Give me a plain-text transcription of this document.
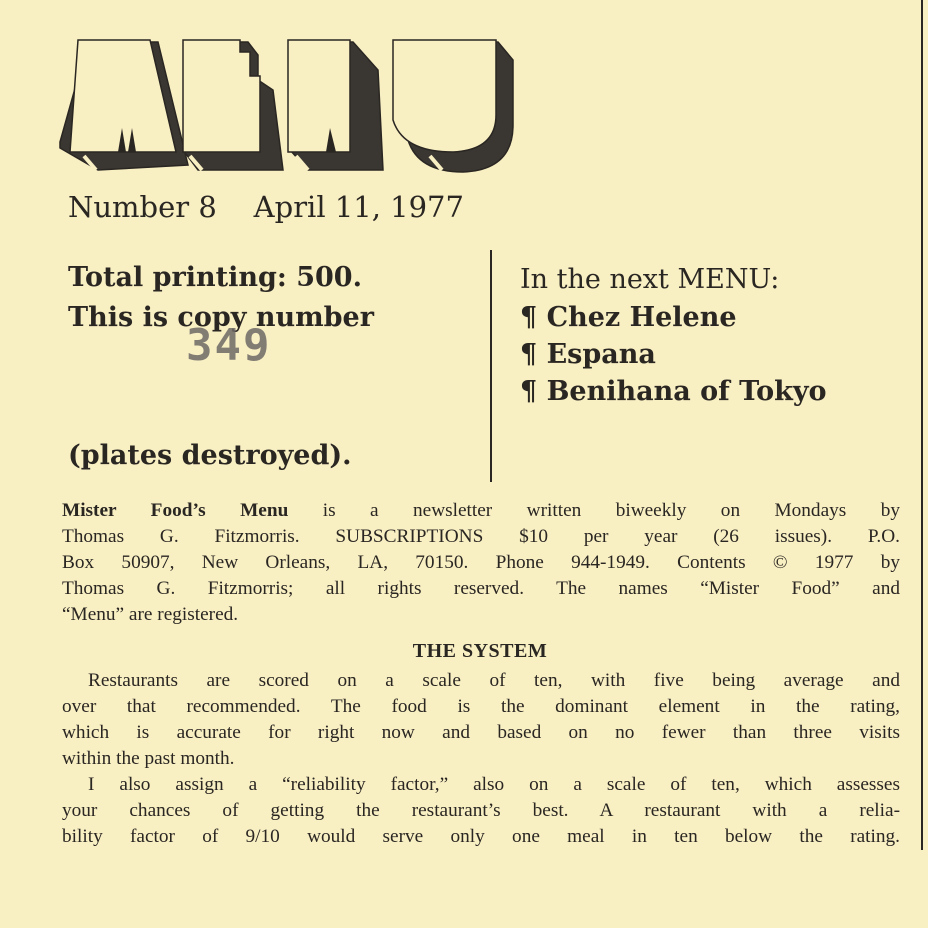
Number 8    April 11, 1977
Total printing: 500.
This is copy number
349
(plates destroyed).
In the next MENU:
¶ Chez Helene
¶ Espana
¶ Benihana of Tokyo
Mister Food’s Menu is a newsletter written biweekly on Mondays by
Thomas G. Fitzmorris. SUBSCRIPTIONS $10 per year (26 issues). P.O.
Box 50907, New Orleans, LA, 70150. Phone 944-1949. Contents © 1977 by
Thomas G. Fitzmorris; all rights reserved. The names “Mister Food” and
“Menu” are registered.
THE SYSTEM
Restaurants are scored on a scale of ten, with five being average and
over that recommended. The food is the dominant element in the rating,
which is accurate for right now and based on no fewer than three visits
within the past month.
I also assign a “reliability factor,” also on a scale of ten, which assesses
your chances of getting the restaurant’s best. A restaurant with a relia-
bility factor of 9/10 would serve only one meal in ten below the rating.
